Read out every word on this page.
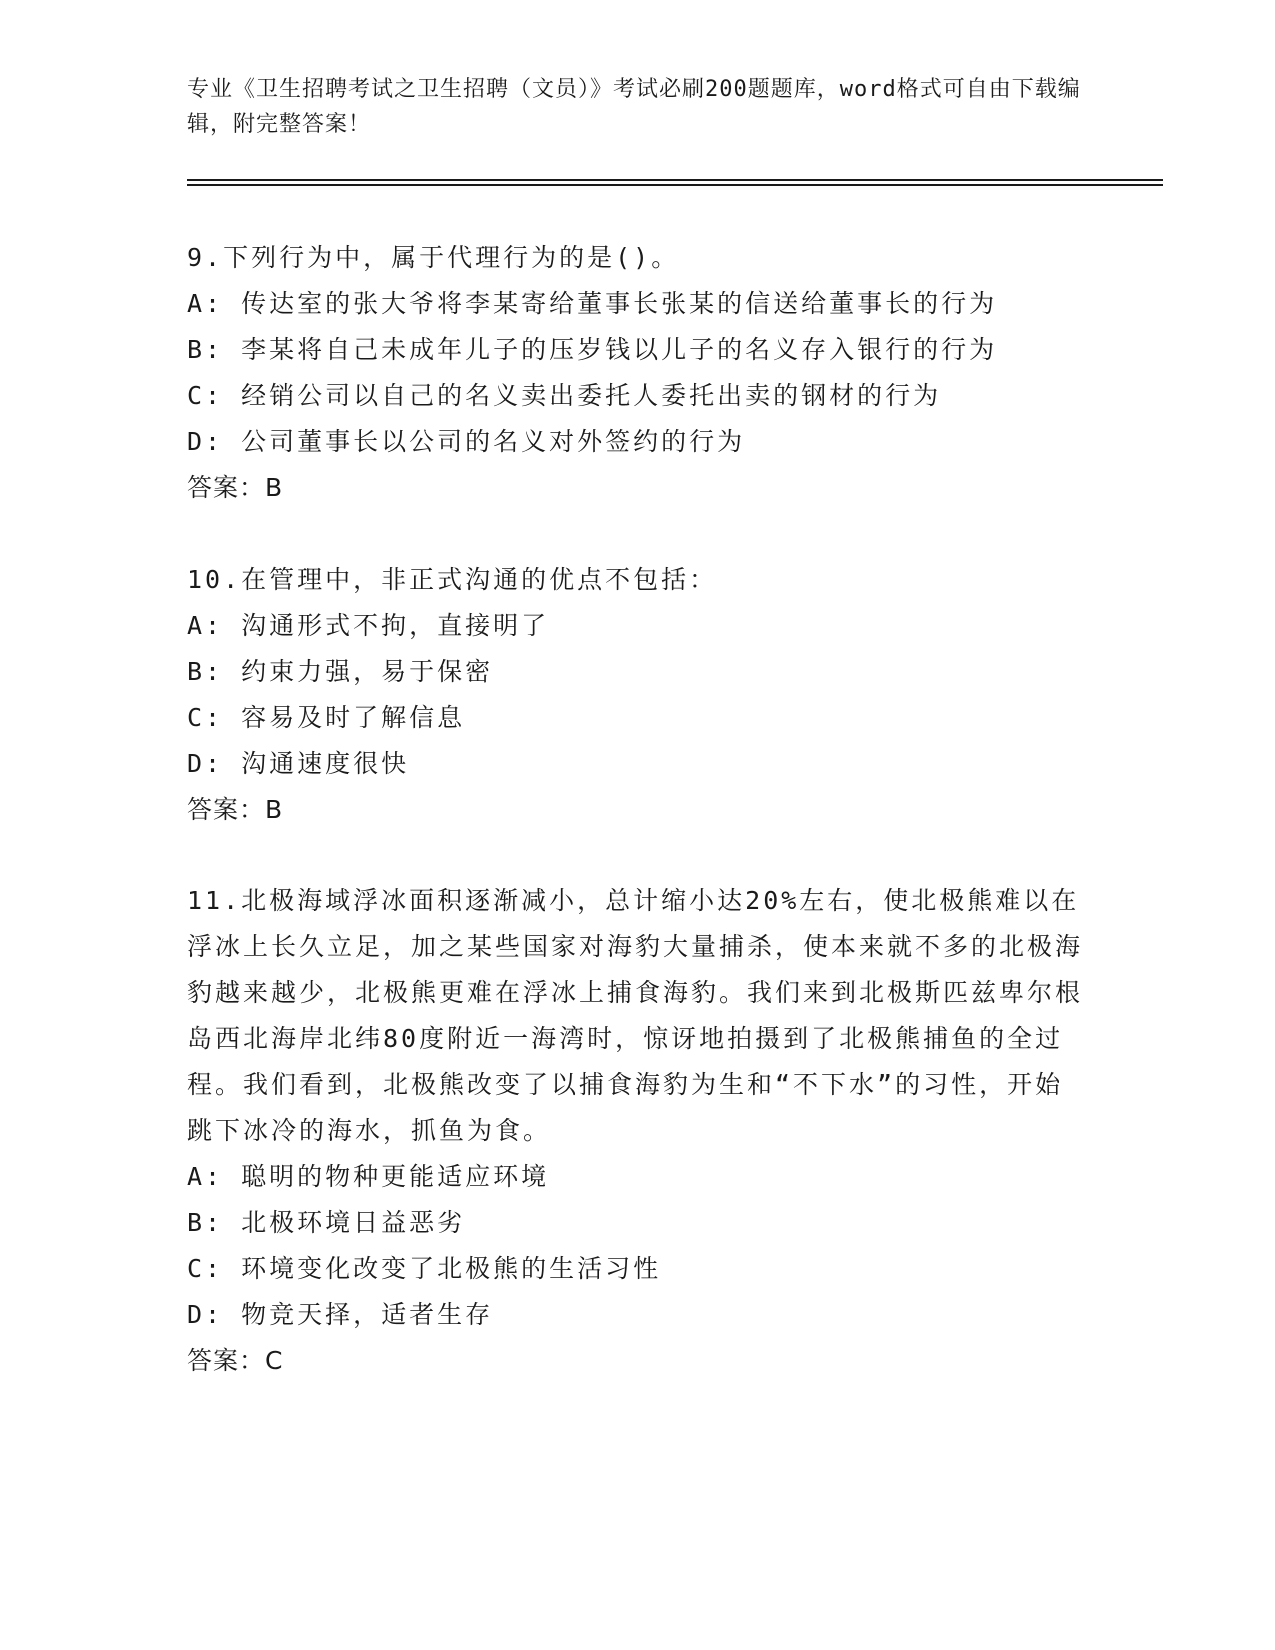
专业《卫生招聘考试之卫生招聘（文员）》考试必刷200题题库，word格式可自由下载编辑，附完整答案！
9.下列行为中，属于代理行为的是()。
A: 传达室的张大爷将李某寄给董事长张某的信送给董事长的行为
B: 李某将自己未成年儿子的压岁钱以儿子的名义存入银行的行为
C: 经销公司以自己的名义卖出委托人委托出卖的钢材的行为
D: 公司董事长以公司的名义对外签约的行为
答案：B
10.在管理中，非正式沟通的优点不包括：
A: 沟通形式不拘，直接明了
B: 约束力强，易于保密
C: 容易及时了解信息
D: 沟通速度很快
答案：B
11.北极海域浮冰面积逐渐减小，总计缩小达20%左右，使北极熊难以在浮冰上长久立足，加之某些国家对海豹大量捕杀，使本来就不多的北极海豹越来越少，北极熊更难在浮冰上捕食海豹。我们来到北极斯匹兹卑尔根岛西北海岸北纬80度附近一海湾时，惊讶地拍摄到了北极熊捕鱼的全过程。我们看到，北极熊改变了以捕食海豹为生和“不下水”的习性，开始跳下冰冷的海水，抓鱼为食。
A: 聪明的物种更能适应环境
B: 北极环境日益恶劣
C: 环境变化改变了北极熊的生活习性
D: 物竞天择，适者生存
答案：C
